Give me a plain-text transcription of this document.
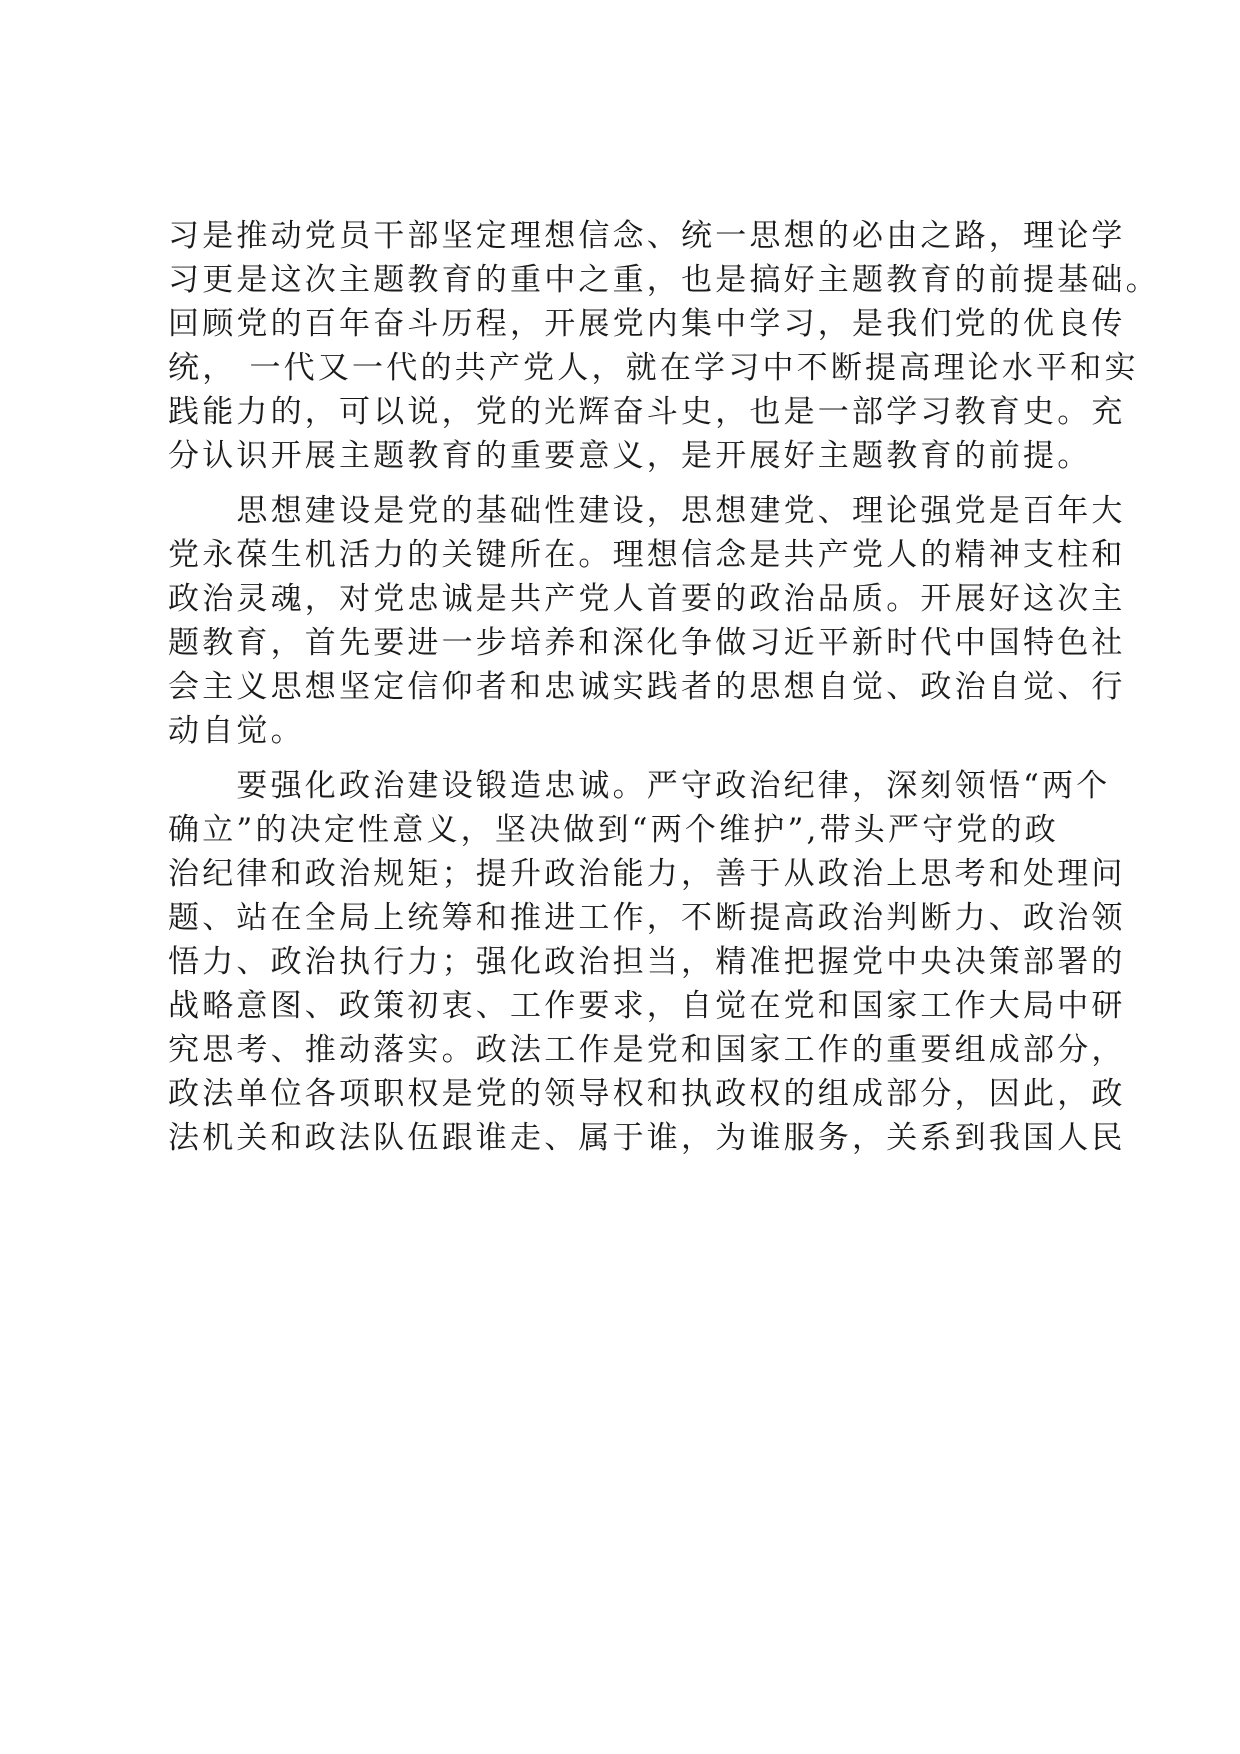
习是推动党员干部坚定理想信念、统一思想的必由之路，理论学
习更是这次主题教育的重中之重，也是搞好主题教育的前提基础。
回顾党的百年奋斗历程，开展党内集中学习，是我们党的优良传
统， 一代又一代的共产党人，就在学习中不断提高理论水平和实
践能力的，可以说，党的光辉奋斗史，也是一部学习教育史。充
分认识开展主题教育的重要意义，是开展好主题教育的前提。
　　思想建设是党的基础性建设，思想建党、理论强党是百年大
党永葆生机活力的关键所在。理想信念是共产党人的精神支柱和
政治灵魂，对党忠诚是共产党人首要的政治品质。开展好这次主
题教育，首先要进一步培养和深化争做习近平新时代中国特色社
会主义思想坚定信仰者和忠诚实践者的思想自觉、政治自觉、行
动自觉。
　　要强化政治建设锻造忠诚。严守政治纪律，深刻领悟“两个
确立”的决定性意义，坚决做到“两个维护”,带头严守党的政
治纪律和政治规矩；提升政治能力，善于从政治上思考和处理问
题、站在全局上统筹和推进工作，不断提高政治判断力、政治领
悟力、政治执行力；强化政治担当，精准把握党中央决策部署的
战略意图、政策初衷、工作要求，自觉在党和国家工作大局中研
究思考、推动落实。政法工作是党和国家工作的重要组成部分，
政法单位各项职权是党的领导权和执政权的组成部分，因此，政
法机关和政法队伍跟谁走、属于谁，为谁服务，关系到我国人民
